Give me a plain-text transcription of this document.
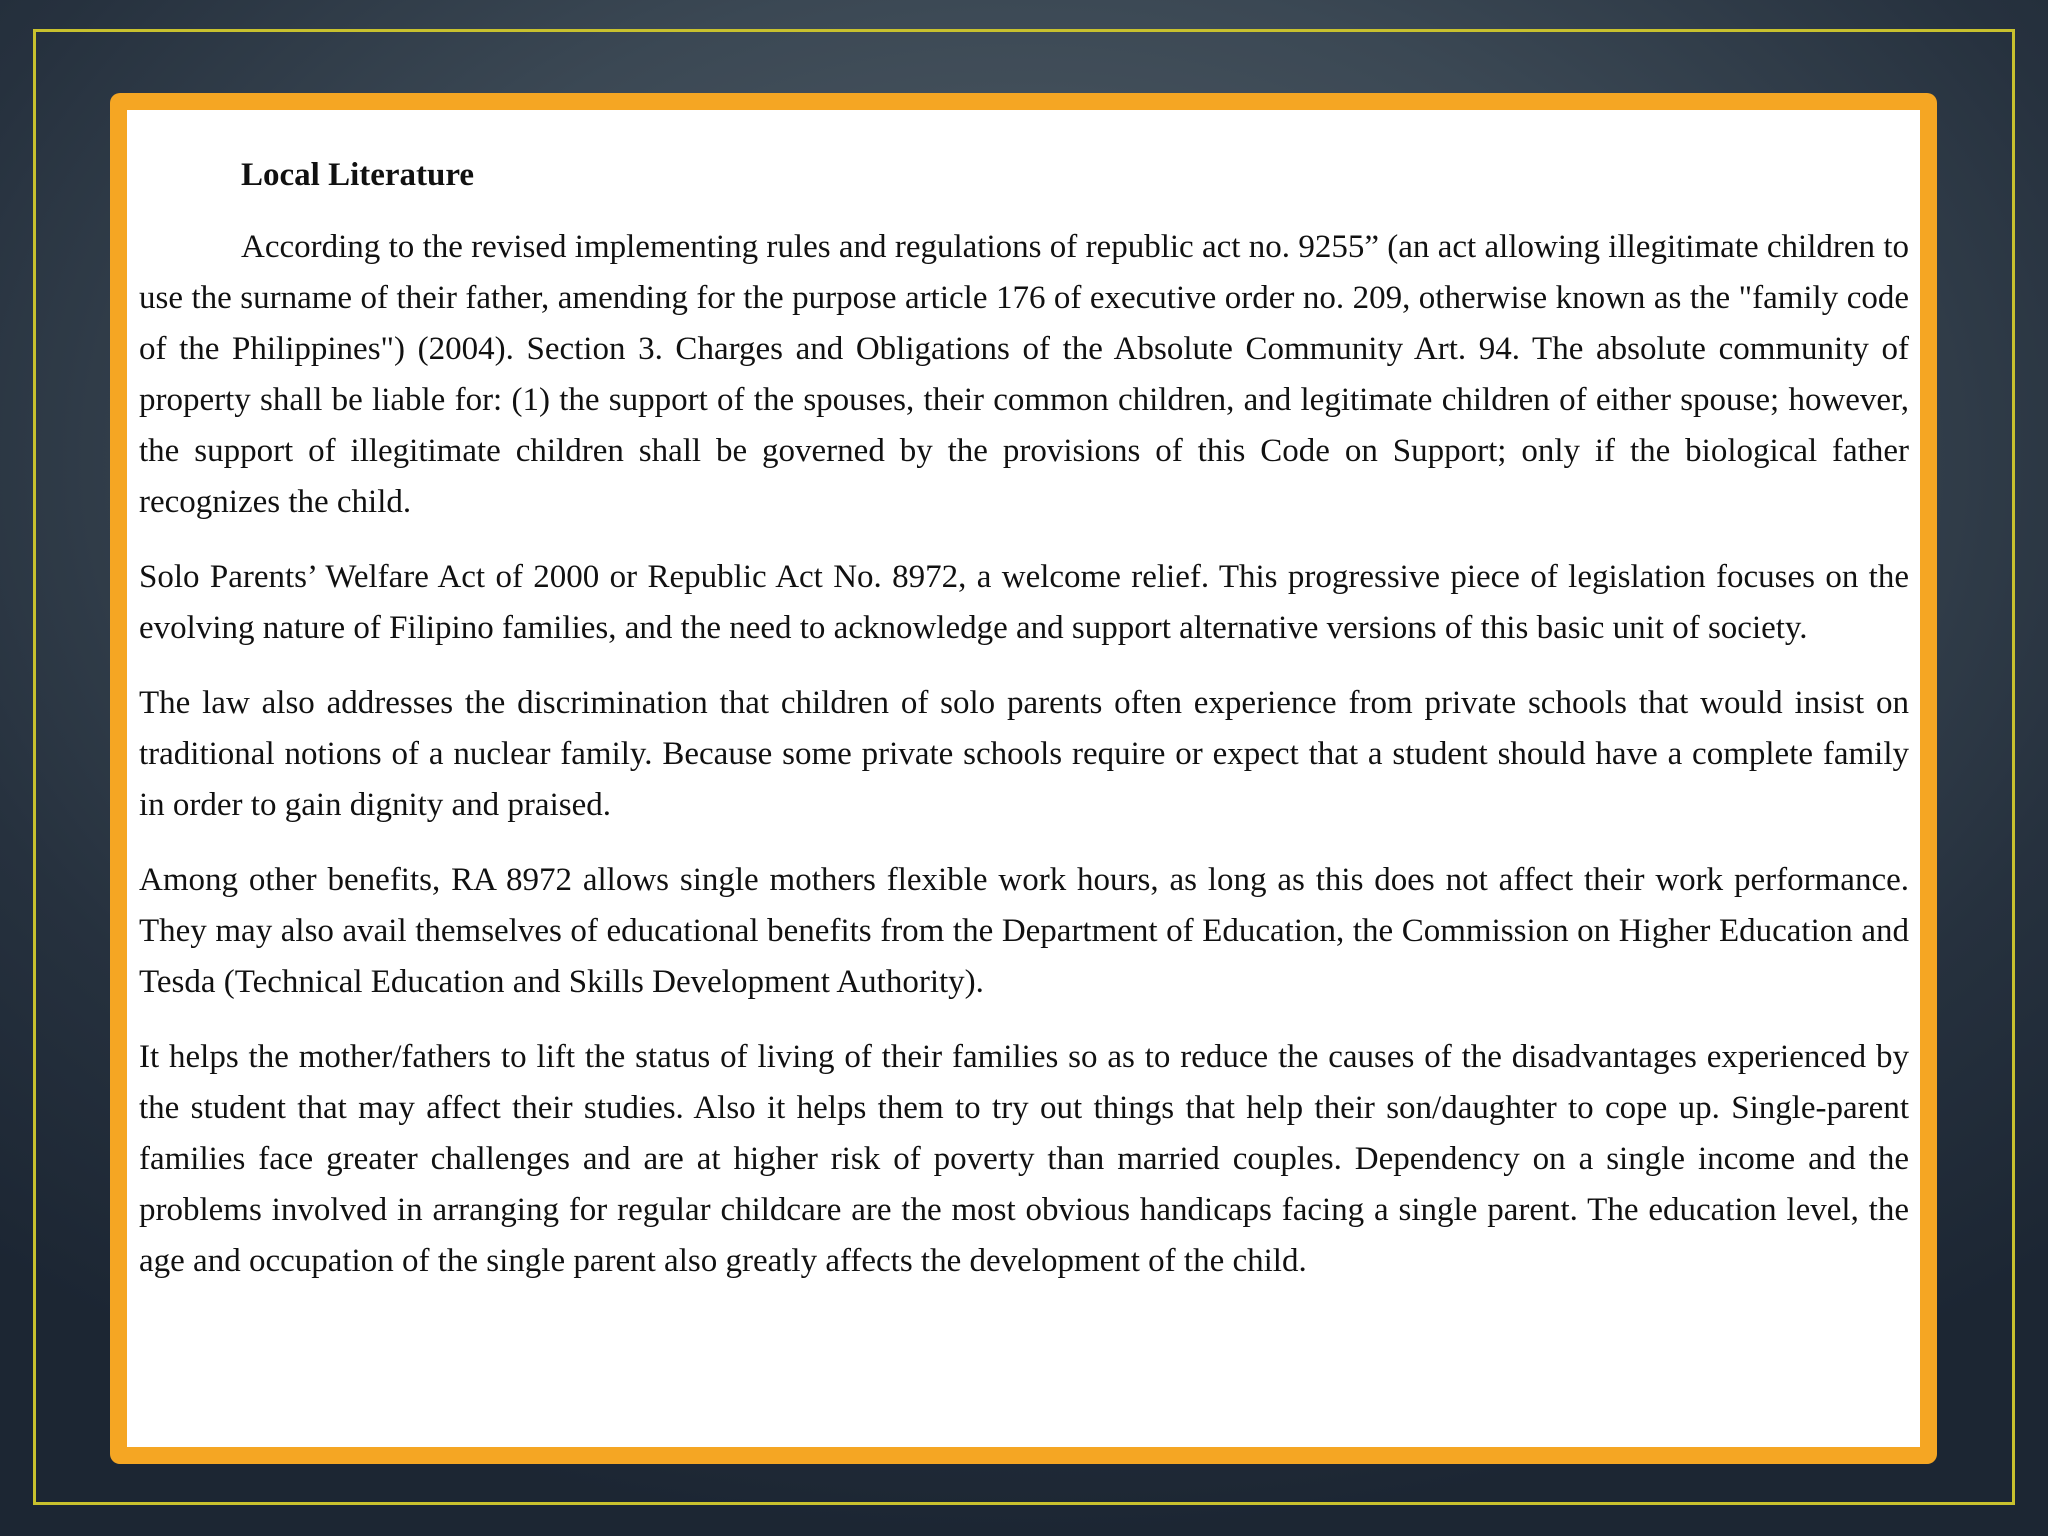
Local Literature

According to the revised implementing rules and regulations of republic act no. 9255” (an act allowing illegitimate children to use the surname of their father, amending for the purpose article 176 of executive order no. 209, otherwise known as the "family code of the Philippines") (2004). Section 3. Charges and Obligations of the Absolute Community Art. 94. The absolute community of property shall be liable for: (1) the support of the spouses, their common children, and legitimate children of either spouse; however, the support of illegitimate children shall be governed by the provisions of this Code on Support; only if the biological father recognizes the child.

Solo Parents’ Welfare Act of 2000 or Republic Act No. 8972, a welcome relief. This progressive piece of legislation focuses on the evolving nature of Filipino families, and the need to acknowledge and support alternative versions of this basic unit of society.

The law also addresses the discrimination that children of solo parents often experience from private schools that would insist on traditional notions of a nuclear family. Because some private schools require or expect that a student should have a complete family in order to gain dignity and praised.

Among other benefits, RA 8972 allows single mothers flexible work hours, as long as this does not affect their work performance. They may also avail themselves of educational benefits from the Department of Education, the Commission on Higher Education and Tesda (Technical Education and Skills Development Authority).

It helps the mother/fathers to lift the status of living of their families so as to reduce the causes of the disadvantages experienced by the student that may affect their studies. Also it helps them to try out things that help their son/daughter to cope up. Single-parent families face greater challenges and are at higher risk of poverty than married couples. Dependency on a single income and the problems involved in arranging for regular childcare are the most obvious handicaps facing a single parent. The education level, the age and occupation of the single parent also greatly affects the development of the child.
